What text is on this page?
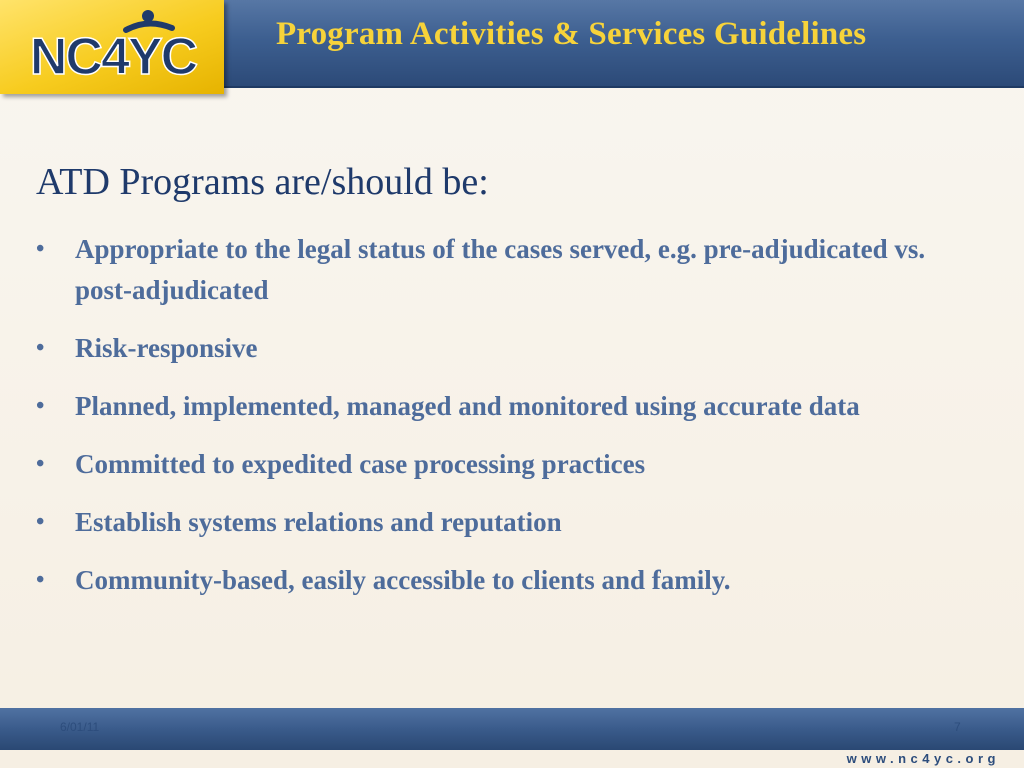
Program Activities & Services Guidelines
NC4YC
ATD Programs are/should be:
• Appropriate to the legal status of the cases served, e.g. pre-adjudicated vs. post-adjudicated
• Risk-responsive
• Planned, implemented, managed and monitored using accurate data
• Committed to expedited case processing practices
• Establish systems relations and reputation
• Community-based, easily accessible to clients and family.
6/01/11	7
www.nc4yc.org
